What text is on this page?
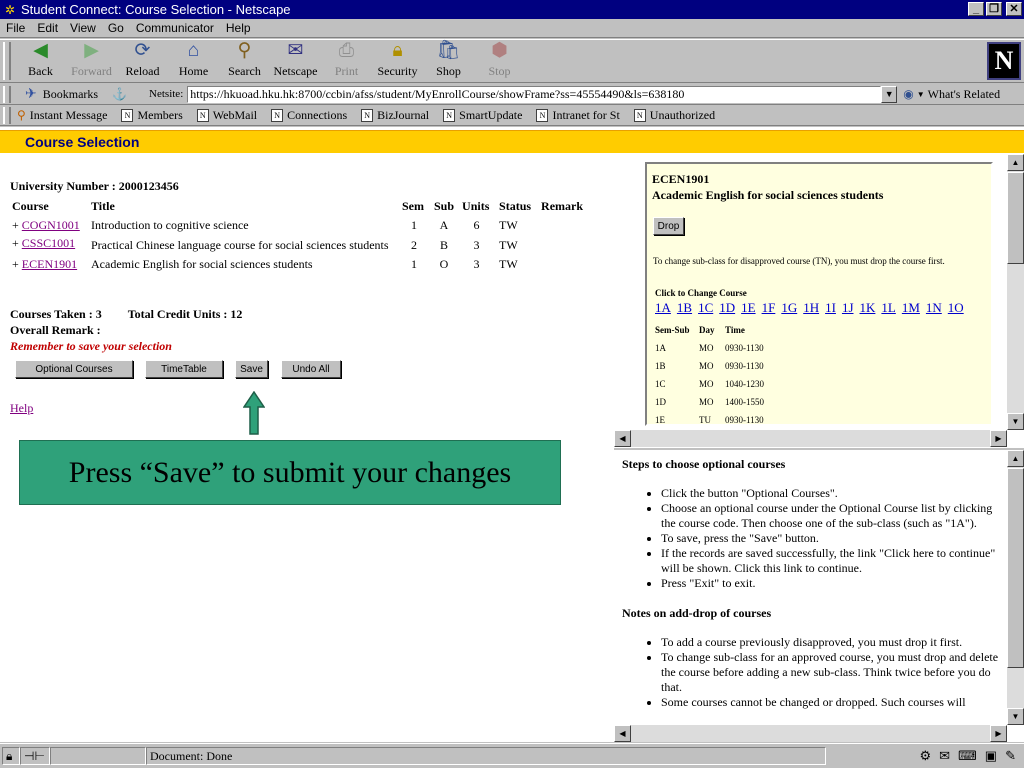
✲ Student Connect: Course Selection - Netscape	_ ❐ ✕
File	Edit	View	Go	Communicator	Help
◀
Back
▶
Forward
⟳
Reload
⌂
Home
⚲
Search
✉
Netscape
⎙
Print
🔒︎
Security
🛍︎
Shop
⬢
Stop	N
✈ Bookmarks ⚓ Netsite: https://hkuoad.hku.hk:8700/ccbin/afss/student/MyEnrollCourse/showFrame?ss=45554490&ls=638180	▼ ◉ ▼ What's Related
⚲ Instant Message	N Members	N WebMail	N Connections	N BizJournal	N SmartUpdate	N Intranet for St	N Unauthorized
Course Selection
University Number : 2000123456
Course	Title	Sem	Sub	Units	Status	Remark
+ COGN1001	Introduction to cognitive science	1	A	6	TW	
+ CSSC1001	Practical Chinese language course for social sciences students	2	B	3	TW	
+ ECEN1901	Academic English for social sciences students	1	O	3	TW	
Courses Taken : 3 Total Credit Units : 12
Overall Remark :
Remember to save your selection
Optional Courses	TimeTable	Save	Undo All
Help
Press “Save” to submit your changes
ECEN1901
Academic English for social sciences students
Drop
To change sub-class for disapproved course (TN), you must drop the course first.
Click to Change Course
1A 1B 1C 1D 1E 1F 1G 1H 1I 1J 1K 1L 1M 1N 1O
Sem-Sub	Day	Time
1A	MO	0930-1130
1B	MO	0930-1130
1C	MO	1040-1230
1D	MO	1400-1550
1E	TU	0930-1130
▲
▼
◀	▶
Steps to choose optional courses
• Click the button "Optional Courses".
• Choose an optional course under the Optional Course list by clicking the course code. Then choose one of the sub-class (such as "1A").
• To save, press the "Save" button.
• If the records are saved successfully, the link "Click here to continue" will be shown. Click this link to continue.
• Press "Exit" to exit.
Notes on add-drop of courses
• To add a course previously disapproved, you must drop it first.
• To change sub-class for an approved course, you must drop and delete the course before adding a new sub-class. Think twice before you do that.
• Some courses cannot be changed or dropped. Such courses will
▲
▼
◀	▶
🔒︎ ⊣⊢	Document: Done	⚙ ✉ ⌨ ▣ ✎
